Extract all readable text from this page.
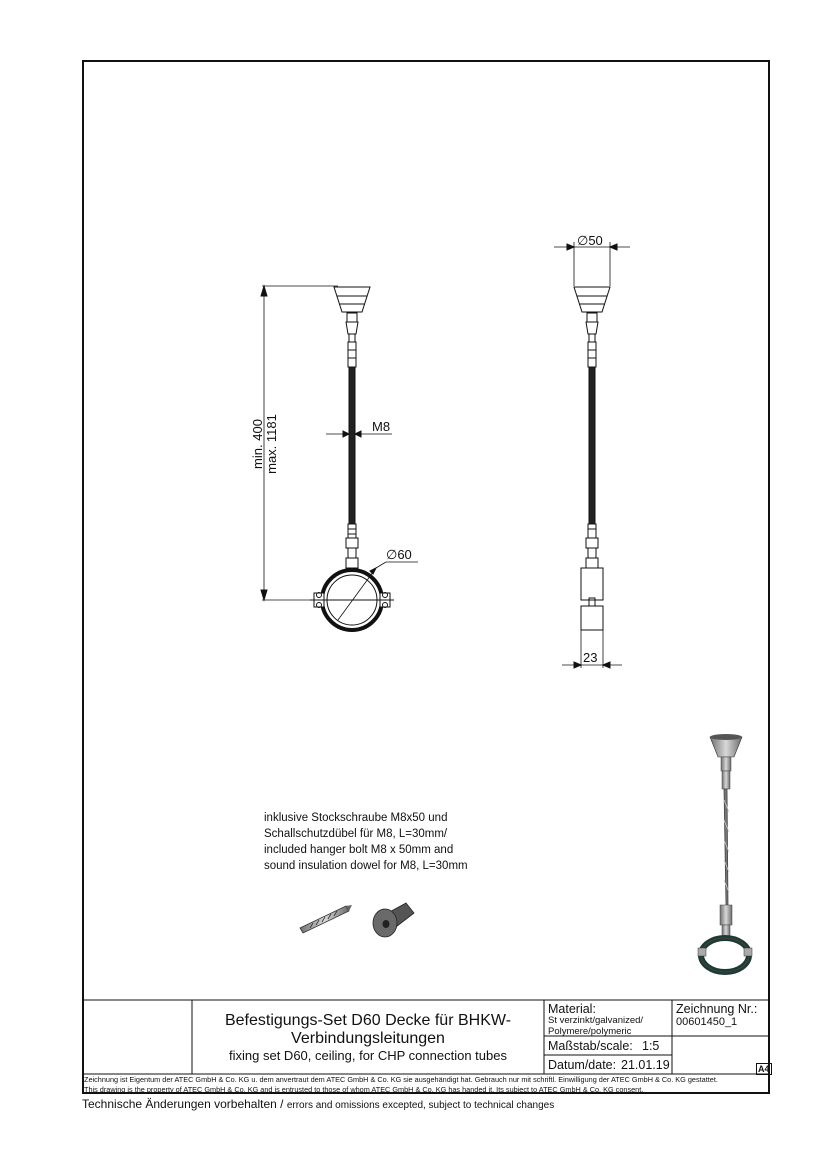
min. 400 max. 1181	M8
∅50
∅60
23
inklusive Stockschraube M8x50 und
Schallschutzdübel für M8, L=30mm/
included hanger bolt M8 x 50mm and
sound insulation dowel for M8, L=30mm
Befestigungs-Set D60 Decke für BHKW-
Verbindungsleitungen
fixing set D60, ceiling, for CHP connection tubes
Material:
St verzinkt/galvanized/
Polymere/polymeric
Zeichnung Nr.:
00601450_1
Maßstab/scale: 1:5
Datum/date: 21.01.19	A4
Zeichnung ist Eigentum der ATEC GmbH & Co. KG u. dem anvertraut dem ATEC GmbH & Co. KG sie ausgehändigt hat. Gebrauch nur mit schriftl. Einwilligung der ATEC GmbH & Co. KG gestattet.
This drawing is the property of ATEC GmbH & Co. KG and is entrusted to those of whom ATEC GmbH & Co. KG has handed it. Its subject to ATEC GmbH & Co. KG consent.
Technische Änderungen vorbehalten / errors and omissions excepted, subject to technical changes
